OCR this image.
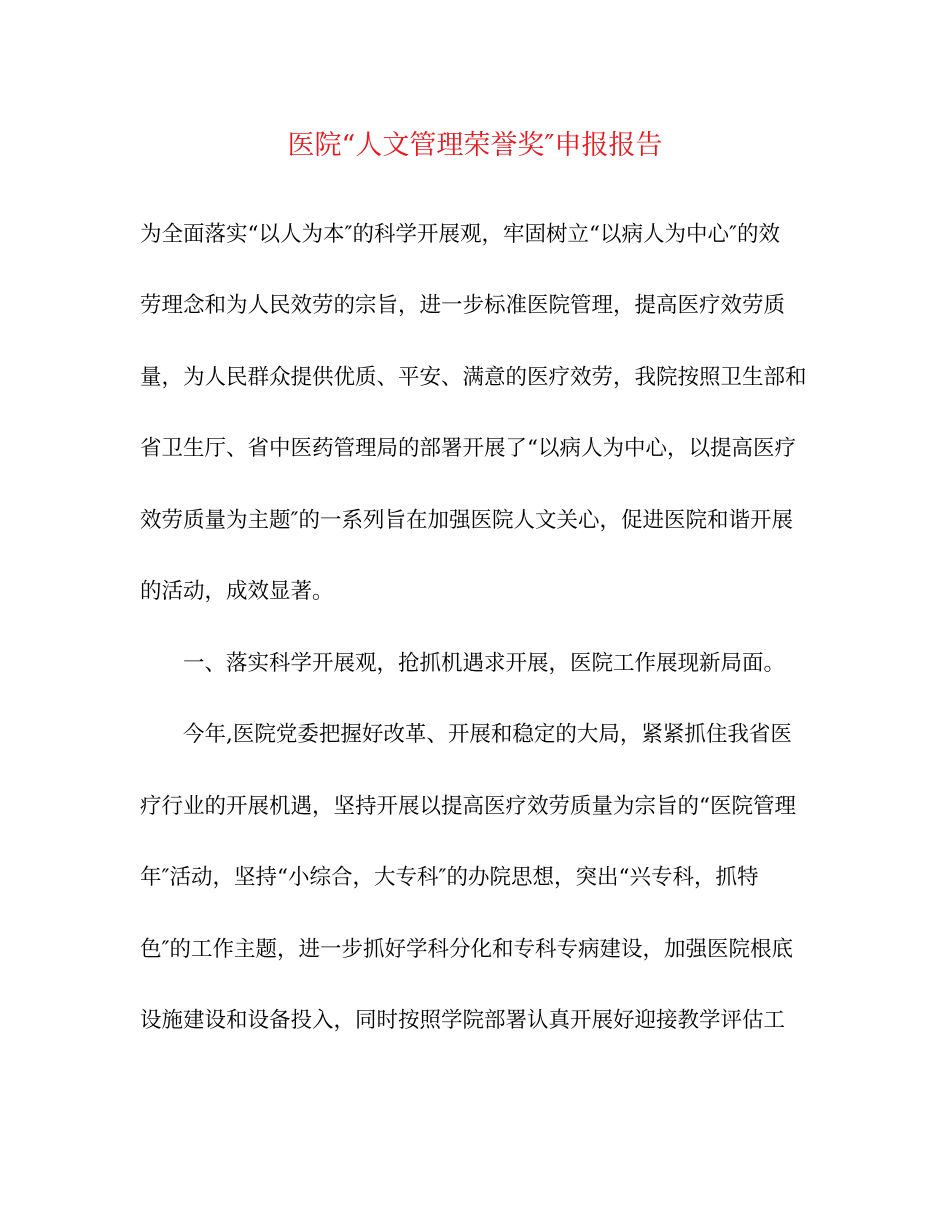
医院“人文管理荣誉奖″申报报告
为全面落实“以人为本″的科学开展观，牢固树立“以病人为中心″的效
劳理念和为人民效劳的宗旨，进一步标准医院管理，提高医疗效劳质
量，为人民群众提供优质、平安、满意的医疗效劳，我院按照卫生部和
省卫生厅、省中医药管理局的部署开展了“以病人为中心，以提高医疗
效劳质量为主题″的一系列旨在加强医院人文关心，促进医院和谐开展
的活动，成效显著。
一、落实科学开展观，抢抓机遇求开展，医院工作展现新局面。
今年,医院党委把握好改革、开展和稳定的大局，紧紧抓住我省医
疗行业的开展机遇，坚持开展以提高医疗效劳质量为宗旨的“医院管理
年″活动，坚持“小综合，大专科″的办院思想，突出“兴专科，抓特
色″的工作主题，进一步抓好学科分化和专科专病建设，加强医院根底
设施建设和设备投入，同时按照学院部署认真开展好迎接教学评估工
